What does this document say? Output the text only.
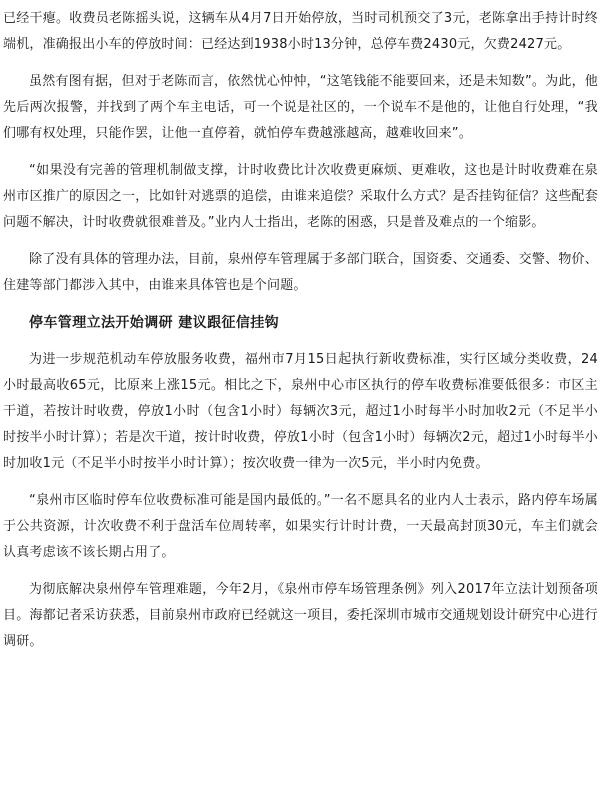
已经干瘪。收费员老陈摇头说，这辆车从4月7日开始停放，当时司机预交了3元，老陈拿出手持计时终端机，准确报出小车的停放时间：已经达到1938小时13分钟，总停车费2430元，欠费2427元。

虽然有图有据，但对于老陈而言，依然忧心忡忡，“这笔钱能不能要回来，还是未知数”。为此，他先后两次报警，并找到了两个车主电话，可一个说是社区的，一个说车不是他的，让他自行处理，“我们哪有权处理，只能作罢，让他一直停着，就怕停车费越涨越高，越难收回来”。

“如果没有完善的管理机制做支撑，计时收费比计次收费更麻烦、更难收，这也是计时收费难在泉州市区推广的原因之一，比如针对逃票的追偿，由谁来追偿？采取什么方式？是否挂钩征信？这些配套问题不解决，计时收费就很难普及。”业内人士指出，老陈的困惑，只是普及难点的一个缩影。

除了没有具体的管理办法，目前，泉州停车管理属于多部门联合，国资委、交通委、交警、物价、住建等部门都涉入其中，由谁来具体管也是个问题。

停车管理立法开始调研 建议跟征信挂钩

为进一步规范机动车停放服务收费，福州市7月15日起执行新收费标准，实行区域分类收费，24小时最高收65元，比原来上涨15元。相比之下，泉州中心市区执行的停车收费标准要低很多：市区主干道，若按计时收费，停放1小时（包含1小时）每辆次3元，超过1小时每半小时加收2元（不足半小时按半小时计算）；若是次干道，按计时收费，停放1小时（包含1小时）每辆次2元，超过1小时每半小时加收1元（不足半小时按半小时计算）；按次收费一律为一次5元，半小时内免费。

“泉州市区临时停车位收费标准可能是国内最低的。”一名不愿具名的业内人士表示，路内停车场属于公共资源，计次收费不利于盘活车位周转率，如果实行计时计费，一天最高封顶30元，车主们就会认真考虑该不该长期占用了。

为彻底解决泉州停车管理难题，今年2月，《泉州市停车场管理条例》列入2017年立法计划预备项目。海都记者采访获悉，目前泉州市政府已经就这一项目，委托深圳市城市交通规划设计研究中心进行调研。
